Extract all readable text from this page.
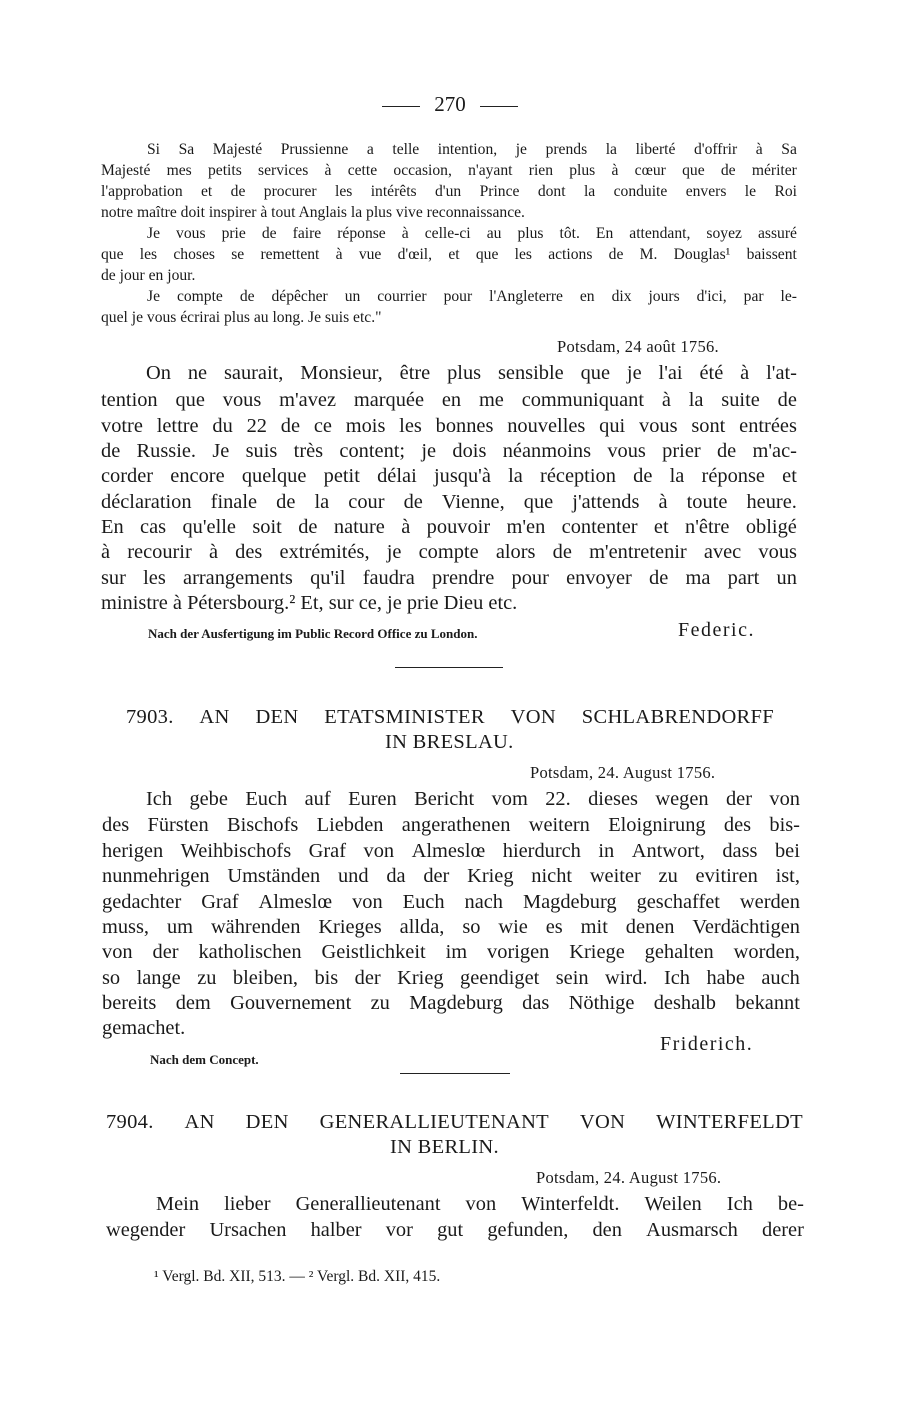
270
Si Sa Majesté Prussienne a telle intention, je prends la liberté d'offrir à Sa
Majesté mes petits services à cette occasion, n'ayant rien plus à cœur que de mériter
l'approbation et de procurer les intérêts d'un Prince dont la conduite envers le Roi
notre maître doit inspirer à tout Anglais la plus vive reconnaissance.
Je vous prie de faire réponse à celle-ci au plus tôt. En attendant, soyez assuré
que les choses se remettent à vue d'œil, et que les actions de M. Douglas¹ baissent
de jour en jour.
Je compte de dépêcher un courrier pour l'Angleterre en dix jours d'ici, par le-
quel je vous écrirai plus au long. Je suis etc."
Potsdam, 24 août 1756.
On ne saurait, Monsieur, être plus sensible que je l'ai été à l'at-
tention que vous m'avez marquée en me communiquant à la suite de
votre lettre du 22 de ce mois les bonnes nouvelles qui vous sont entrées
de Russie. Je suis très content; je dois néanmoins vous prier de m'ac-
corder encore quelque petit délai jusqu'à la réception de la réponse et
déclaration finale de la cour de Vienne, que j'attends à toute heure.
En cas qu'elle soit de nature à pouvoir m'en contenter et n'être obligé
à recourir à des extrémités, je compte alors de m'entretenir avec vous
sur les arrangements qu'il faudra prendre pour envoyer de ma part un
ministre à Pétersbourg.² Et, sur ce, je prie Dieu etc.
Nach der Ausfertigung im Public Record Office zu London.	Federic.
7903. AN DEN ETATSMINISTER VON SCHLABRENDORFF
IN BRESLAU.
Potsdam, 24. August 1756.
Ich gebe Euch auf Euren Bericht vom 22. dieses wegen der von
des Fürsten Bischofs Liebden angerathenen weitern Eloignirung des bis-
herigen Weihbischofs Graf von Almeslœ hierdurch in Antwort, dass bei
nunmehrigen Umständen und da der Krieg nicht weiter zu evitiren ist,
gedachter Graf Almeslœ von Euch nach Magdeburg geschaffet werden
muss, um währenden Krieges allda, so wie es mit denen Verdächtigen
von der katholischen Geistlichkeit im vorigen Kriege gehalten worden,
so lange zu bleiben, bis der Krieg geendiget sein wird. Ich habe auch
bereits dem Gouvernement zu Magdeburg das Nöthige deshalb bekannt
gemachet.
Friderich.
Nach dem Concept.
7904. AN DEN GENERALLIEUTENANT VON WINTERFELDT
IN BERLIN.
Potsdam, 24. August 1756.
Mein lieber Generallieutenant von Winterfeldt. Weilen Ich be-
wegender Ursachen halber vor gut gefunden, den Ausmarsch derer
¹ Vergl. Bd. XII, 513. — ² Vergl. Bd. XII, 415.
